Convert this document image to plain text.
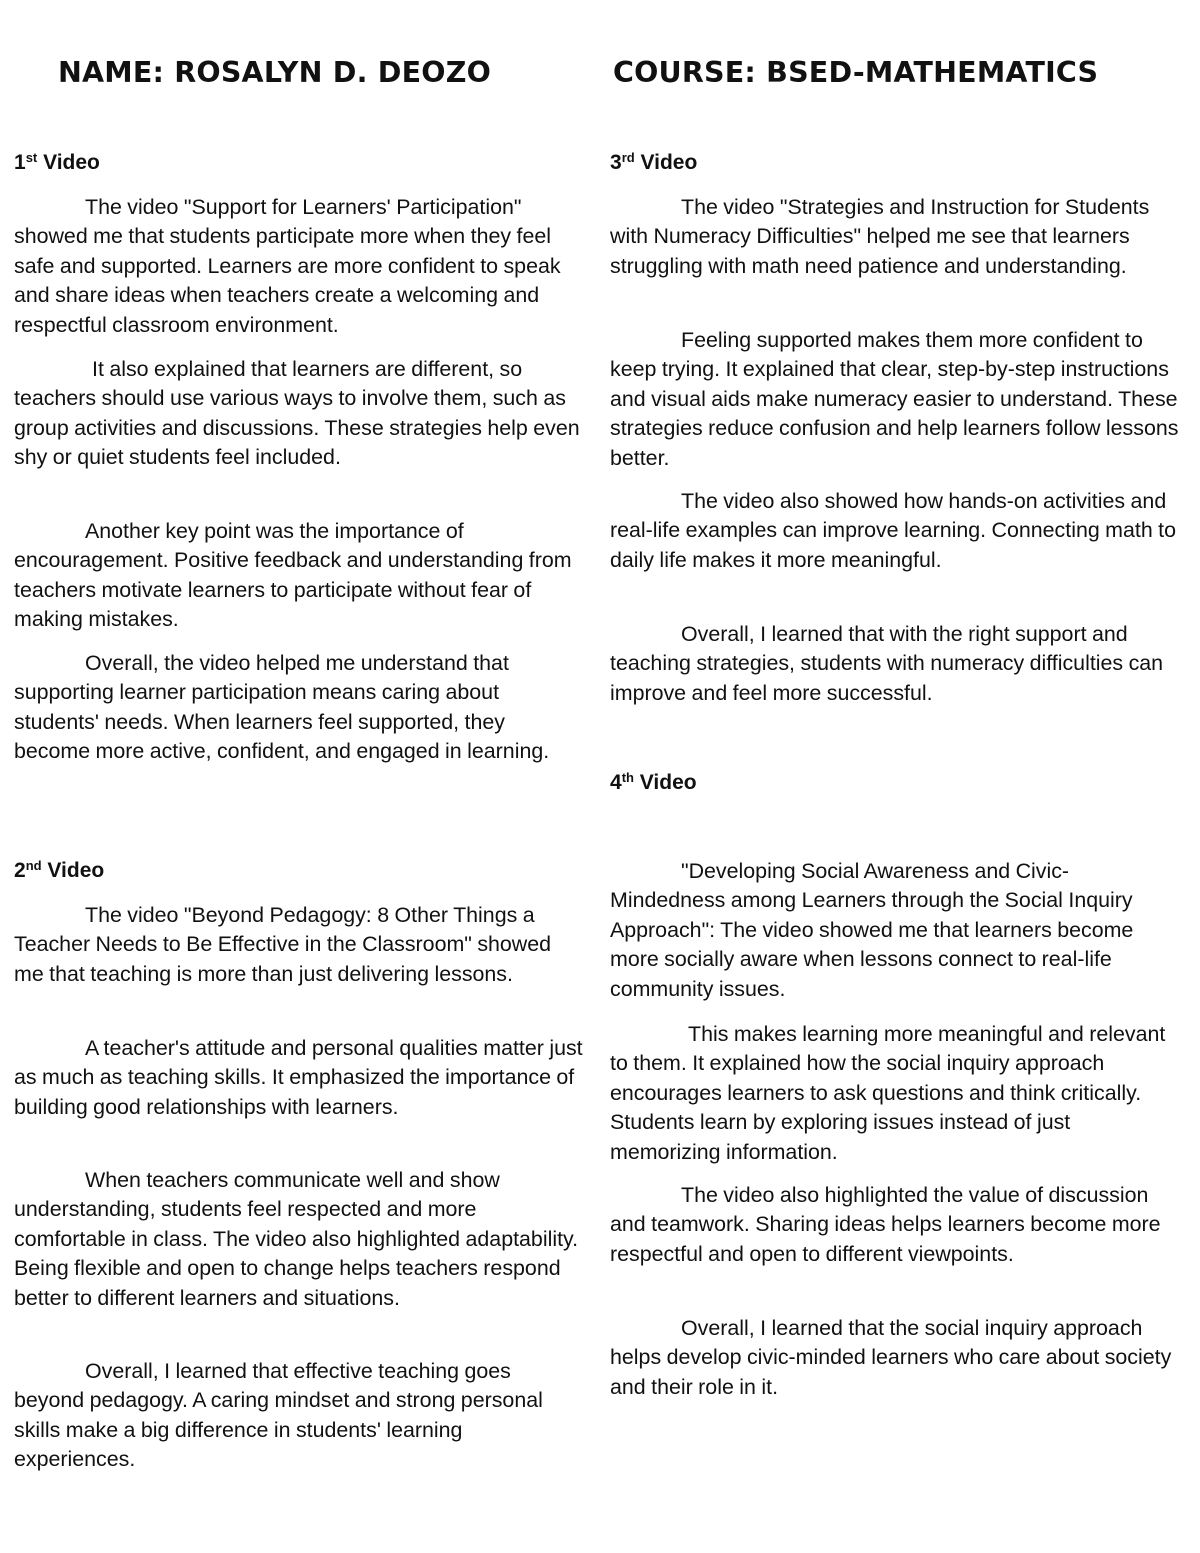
NAME: ROSALYN D. DEOZO	COURSE: BSED-MATHEMATICS
1st Video

The video "Support for Learners' Participation" showed me that students participate more when they feel safe and supported. Learners are more confident to speak and share ideas when teachers create a welcoming and respectful classroom environment.

It also explained that learners are different, so teachers should use various ways to involve them, such as group activities and discussions. These strategies help even shy or quiet students feel included.

Another key point was the importance of encouragement. Positive feedback and understanding from teachers motivate learners to participate without fear of making mistakes.

Overall, the video helped me understand that supporting learner participation means caring about students' needs. When learners feel supported, they become more active, confident, and engaged in learning.

2nd Video

The video "Beyond Pedagogy: 8 Other Things a Teacher Needs to Be Effective in the Classroom" showed me that teaching is more than just delivering lessons.

A teacher's attitude and personal qualities matter just as much as teaching skills. It emphasized the importance of building good relationships with learners.

When teachers communicate well and show understanding, students feel respected and more comfortable in class. The video also highlighted adaptability. Being flexible and open to change helps teachers respond better to different learners and situations.

Overall, I learned that effective teaching goes beyond pedagogy. A caring mindset and strong personal skills make a big difference in students' learning experiences.

3rd Video

The video "Strategies and Instruction for Students with Numeracy Difficulties" helped me see that learners struggling with math need patience and understanding.

Feeling supported makes them more confident to keep trying. It explained that clear, step-by-step instructions and visual aids make numeracy easier to understand. These strategies reduce confusion and help learners follow lessons better.

The video also showed how hands-on activities and real-life examples can improve learning. Connecting math to daily life makes it more meaningful.

Overall, I learned that with the right support and teaching strategies, students with numeracy difficulties can improve and feel more successful.

4th Video

"Developing Social Awareness and Civic-Mindedness among Learners through the Social Inquiry Approach": The video showed me that learners become more socially aware when lessons connect to real-life community issues.

This makes learning more meaningful and relevant to them. It explained how the social inquiry approach encourages learners to ask questions and think critically. Students learn by exploring issues instead of just memorizing information.

The video also highlighted the value of discussion and teamwork. Sharing ideas helps learners become more respectful and open to different viewpoints.

Overall, I learned that the social inquiry approach helps develop civic-minded learners who care about society and their role in it.
